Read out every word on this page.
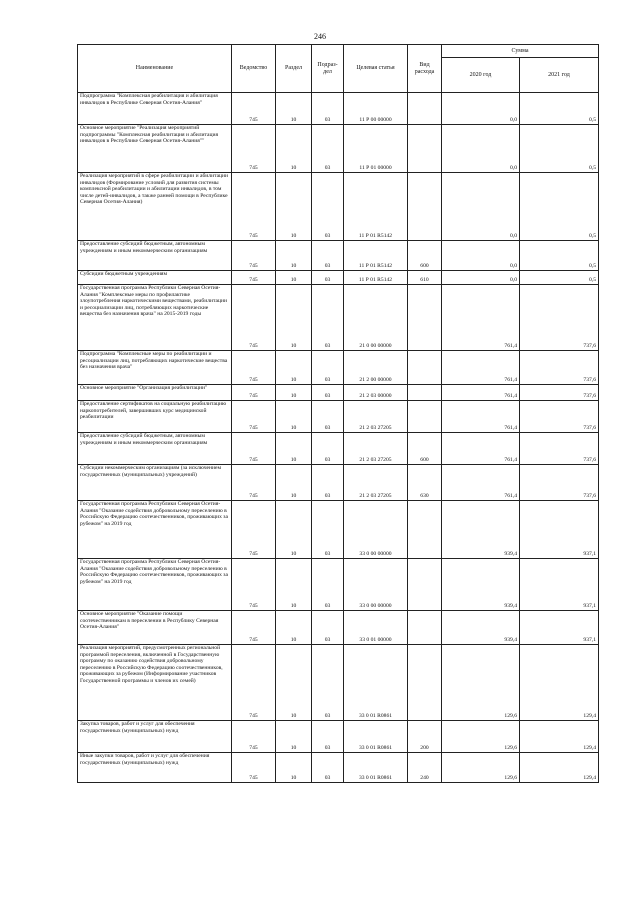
246
Наименование	Ведомство	Раздел	Подраз-дел	Целевая статья	Вид расхода	Сумма	
						2020 год	2021 год
Подпрограмма "Комплексная реабилитация и абилитация инвалидов в Республике Северная Осетия-Алания"	745	10	03	11 Р 00 00000		0,0	0,5
Основное мероприятие "Реализация мероприятий подпрограммы "Комплексная реабилитация и абилитация инвалидов в Республике Северная Осетия-Алания""	745	10	03	11 Р 01 00000		0,0	0,5
Реализация мероприятий в сфере реабилитации и абилитации инвалидов (Формирование условий для развития системы комплексной реабилитации и абилитации инвалидов, в том числе детей-инвалидов, а также ранней помощи в Республике Северная Осетия-Алания)	745	10	03	11 Р 01 R5142		0,0	0,5
Предоставление субсидий бюджетным, автономным учреждениям и иным некоммерческим организациям	745	10	03	11 Р 01 R5142	600	0,0	0,5
Субсидии бюджетным учреждениям	745	10	03	11 Р 01 R5142	610	0,0	0,5
Государственная программа Республики Северная Осетия-Алания "Комплексные меры по профилактике злоупотребления наркотическими веществами, реабилитации и ресоциализации лиц, потребляющих наркотические вещества без назначения врача" на 2015-2019 годы	745	10	03	21 0 00 00000		761,4	737,6
Подпрограмма "Комплексные меры по реабилитации и ресоциализации лиц, потребляющих наркотические вещества без назначения врача"	745	10	03	21 2 00 00000		761,4	737,6
Основное мероприятие "Организация реабилитации"	745	10	03	21 2 03 00000		761,4	737,6
Предоставление сертификатов на социальную реабилитацию наркопотребителей, завершивших курс медицинской реабилитации	745	10	03	21 2 03 27205		761,4	737,6
Предоставление субсидий бюджетным, автономным учреждениям и иным некоммерческим организациям	745	10	03	21 2 03 27205	600	761,4	737,6
Субсидии некоммерческим организациям (за исключением государственных (муниципальных) учреждений)	745	10	03	21 2 03 27205	630	761,4	737,6
Государственная программа Республики Северная Осетия-Алания "Оказание содействия добровольному переселению в Российскую Федерацию соотечественников, проживающих за рубежом" на 2019 год	745	10	03	33 0 00 00000		939,4	937,1
Государственная программа Республики Северная Осетия-Алания "Оказание содействия добровольному переселению в Российскую Федерацию соотечественников, проживающих за рубежом" на 2019 год	745	10	03	33 0 00 00000		939,4	937,1
Основное мероприятие "Оказание помощи соотечественникам в переселении в Республику Северная Осетия-Алания"	745	10	03	33 0 01 00000		939,4	937,1
Реализация мероприятий, предусмотренных региональной программой переселения, включенной в Государственную программу по оказанию содействия добровольному переселению в Российскую Федерацию соотечественников, проживающих за рубежом (Информирование участников Государственной программы и членов их семей)	745	10	03	33 0 01 R0861		129,6	129,4
Закупка товаров, работ и услуг для обеспечения государственных (муниципальных) нужд	745	10	03	33 0 01 R0861	200	129,6	129,4
Иные закупки товаров, работ и услуг для обеспечения государственных (муниципальных) нужд	745	10	03	33 0 01 R0861	240	129,6	129,4
